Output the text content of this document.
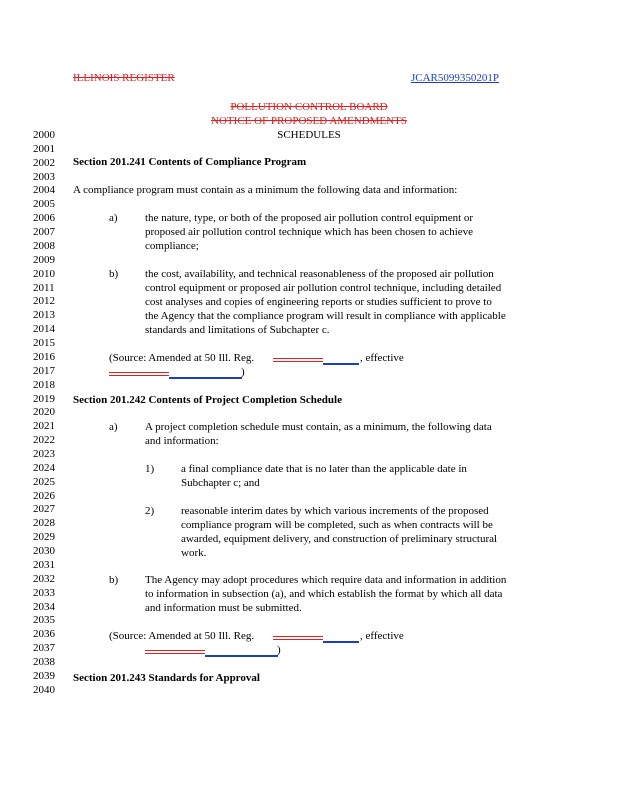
ILLINOIS REGISTER	JCAR5099350201P
POLLUTION CONTROL BOARD
NOTICE OF PROPOSED AMENDMENTS
SCHEDULES
2000
2001
2002
2003
2004
2005
2006
2007
2008
2009
2010
2011
2012
2013
2014
2015
2016
2017
2018
2019
2020
2021
2022
2023
2024
2025
2026
2027
2028
2029
2030
2031
2032
2033
2034
2035
2036
2037
2038
2039
2040
Section 201.241 Contents of Compliance Program
A compliance program must contain as a minimum the following data and information:
a) the nature, type, or both of the proposed air pollution control equipment or
proposed air pollution control technique which has been chosen to achieve
compliance;
b) the cost, availability, and technical reasonableness of the proposed air pollution
control equipment or proposed air pollution control technique, including detailed
cost analyses and copies of engineering reports or studies sufficient to prove to
the Agency that the compliance program will result in compliance with applicable
standards and limitations of Subchapter c.
(Source: Amended at 50 Ill. Reg.	, effective
)
Section 201.242 Contents of Project Completion Schedule
a) A project completion schedule must contain, as a minimum, the following data
and information:
1) a final compliance date that is no later than the applicable date in
Subchapter c; and
2) reasonable interim dates by which various increments of the proposed
compliance program will be completed, such as when contracts will be
awarded, equipment delivery, and construction of preliminary structural
work.
b) The Agency may adopt procedures which require data and information in addition
to information in subsection (a), and which establish the format by which all data
and information must be submitted.
(Source: Amended at 50 Ill. Reg.	, effective
)
Section 201.243 Standards for Approval
